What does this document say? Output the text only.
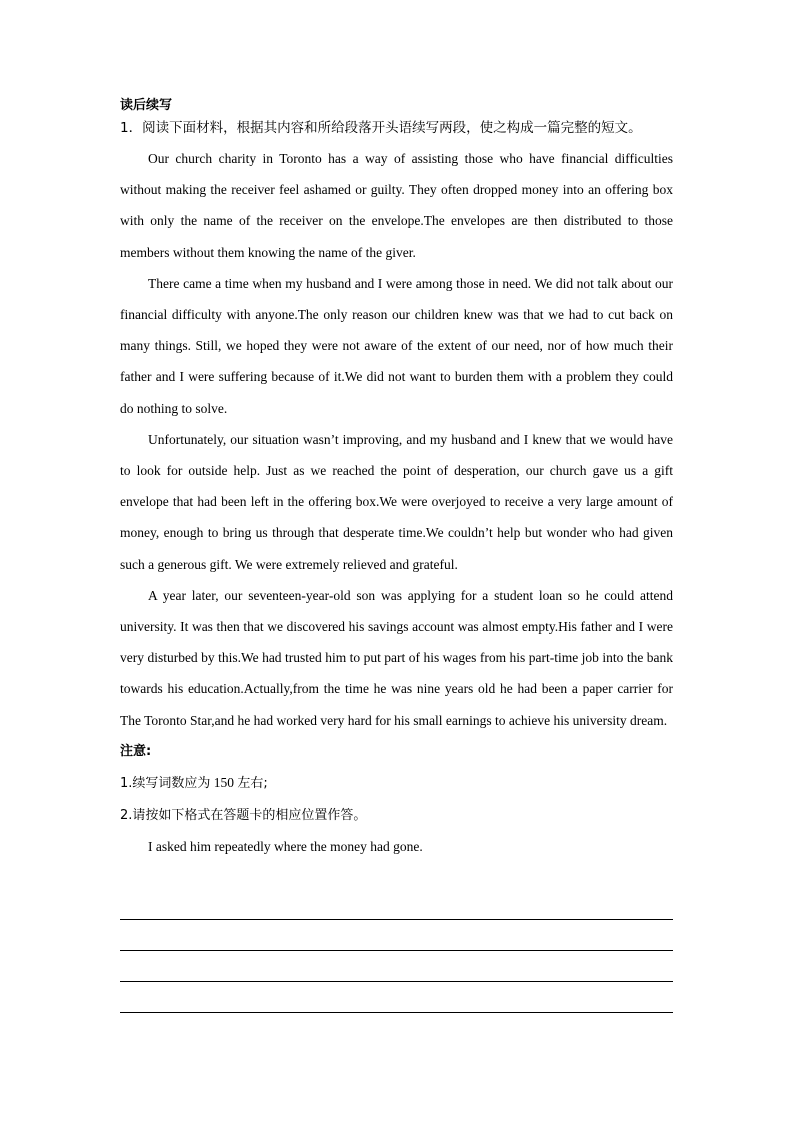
读后续写

1．阅读下面材料，根据其内容和所给段落开头语续写两段，使之构成一篇完整的短文。

Our church charity in Toronto has a way of assisting those who have financial difficulties without making the receiver feel ashamed or guilty. They often dropped money into an offering box with only the name of the receiver on the envelope.The envelopes are then distributed to those members without them knowing the name of the giver.

There came a time when my husband and I were among those in need. We did not talk about our financial difficulty with anyone.The only reason our children knew was that we had to cut back on many things. Still, we hoped they were not aware of the extent of our need, nor of how much their father and I were suffering because of it.We did not want to burden them with a problem they could do nothing to solve.

Unfortunately, our situation wasn’t improving, and my husband and I knew that we would have to look for outside help. Just as we reached the point of desperation, our church gave us a gift envelope that had been left in the offering box.We were overjoyed to receive a very large amount of money, enough to bring us through that desperate time.We couldn’t help but wonder who had given such a generous gift. We were extremely relieved and grateful.

A year later, our seventeen-year-old son was applying for a student loan so he could attend university. It was then that we discovered his savings account was almost empty.His father and I were very disturbed by this.We had trusted him to put part of his wages from his part-time job into the bank towards his education.Actually,from the time he was nine years old he had been a paper carrier for The Toronto Star,and he had worked very hard for his small earnings to achieve his university dream.

注意:

1.续写词数应为 150 左右;

2.请按如下格式在答题卡的相应位置作答。

I asked him repeatedly where the money had gone.
